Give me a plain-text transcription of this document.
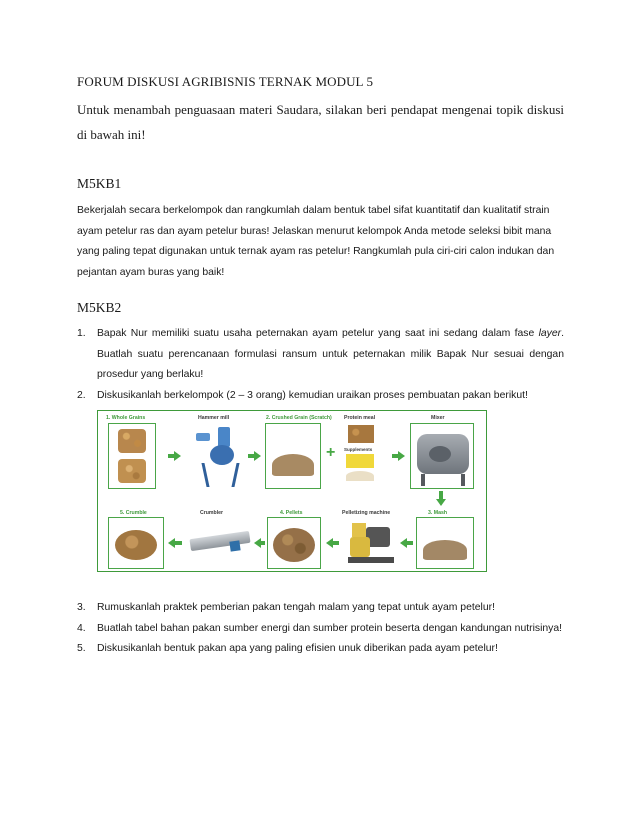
FORUM DISKUSI AGRIBISNIS TERNAK MODUL 5
Untuk menambah penguasaan materi Saudara, silakan beri pendapat mengenai topik diskusi di bawah ini!
M5KB1
Bekerjalah secara berkelompok dan rangkumlah dalam bentuk tabel sifat kuantitatif dan kualitatif strain ayam petelur ras dan ayam petelur buras! Jelaskan menurut kelompok Anda metode seleksi bibit mana yang paling tepat digunakan untuk ternak ayam ras petelur! Rangkumlah pula ciri-ciri calon indukan dan pejantan ayam buras yang baik!
M5KB2
1. Bapak Nur memiliki suatu usaha peternakan ayam petelur yang saat ini sedang dalam fase layer. Buatlah suatu perencanaan formulasi ransum untuk peternakan milik Bapak Nur sesuai dengan prosedur yang berlaku!
2. Diskusikanlah berkelompok (2 – 3 orang) kemudian uraikan proses pembuatan pakan berikut!
1. Whole Grains	Hammer mill	2. Crushed Grain (Scratch) Protein meal	Mixer
+ Supplements
5. Crumble	Crumbler	4. Pellets	Pelletizing machine	3. Mash
3. Rumuskanlah praktek pemberian pakan tengah malam yang tepat untuk ayam petelur!
4. Buatlah tabel bahan pakan sumber energi dan sumber protein beserta dengan kandungan nutrisinya!
5. Diskusikanlah bentuk pakan apa yang paling efisien unuk diberikan pada ayam petelur!
